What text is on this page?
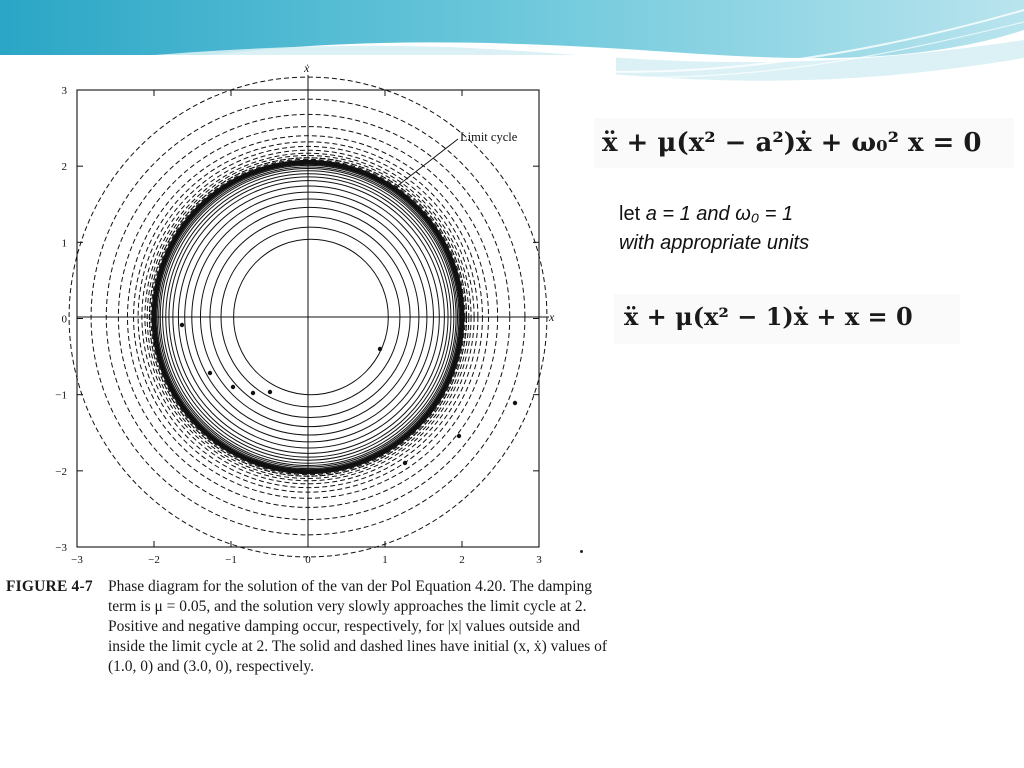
−3	−2	−1	0	1	2	3
3
2
1
0
−1
−2
−3
Limit cycle
x
ẋ
FIGURE 4-7 Phase diagram for the solution of the van der Pol Equation 4.20. The damping term is μ = 0.05, and the solution very slowly approaches the limit cycle at 2. Positive and negative damping occur, respectively, for |x| values outside and inside the limit cycle at 2. The solid and dashed lines have initial (x, ẋ) values of (1.0, 0) and (3.0, 0), respectively.
ẍ + μ(x² − a²)ẋ + ω₀² x = 0
let a = 1 and ω₀ = 1
with appropriate units
ẍ + μ(x² − 1)ẋ + x = 0
